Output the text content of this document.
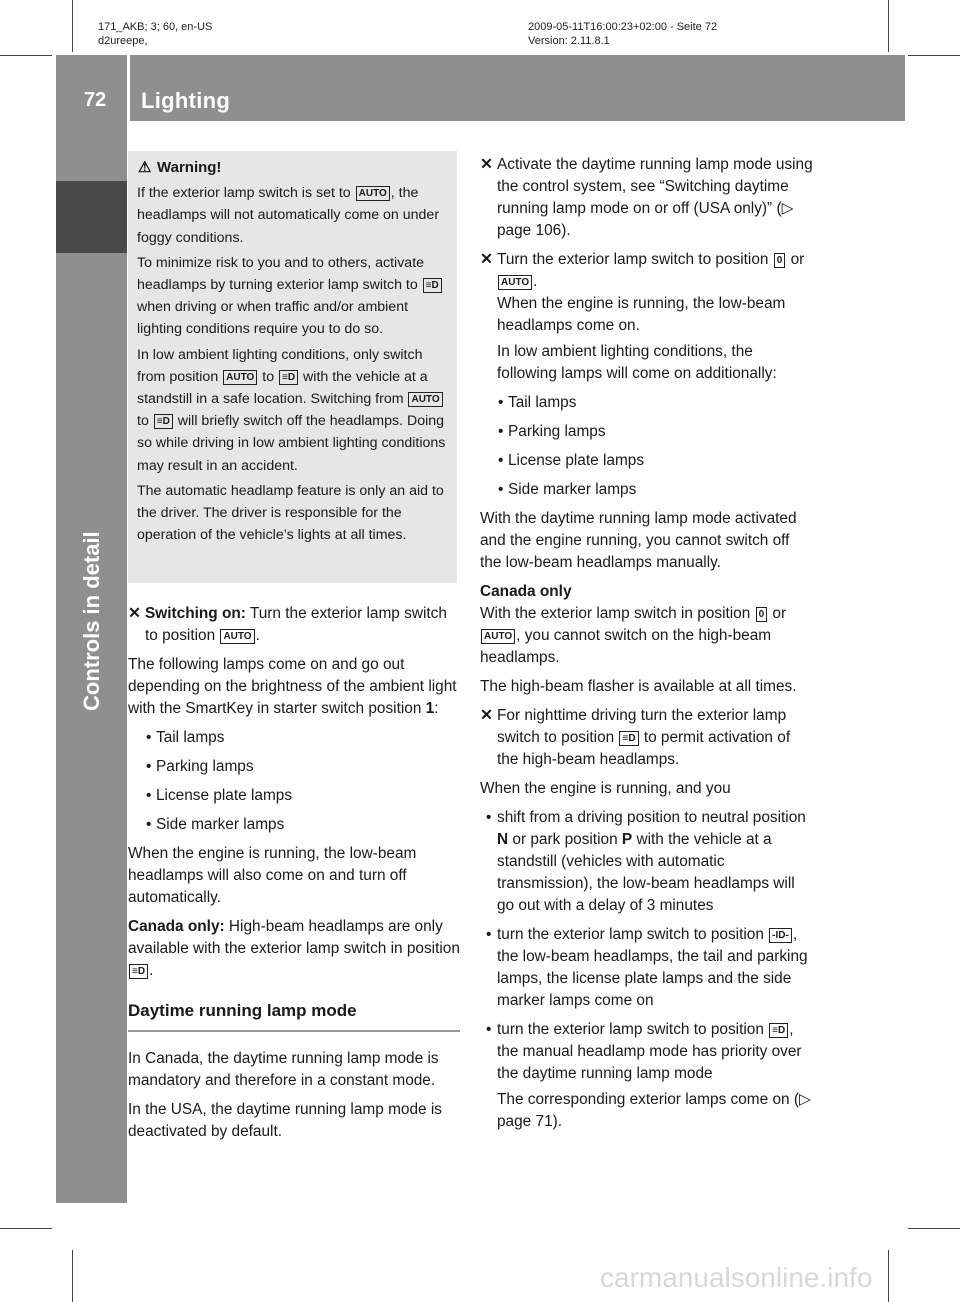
171_AKB; 3; 60, en-US
d2ureepe,
2009-05-11T16:00:23+02:00 - Seite 72
Version: 2.11.8.1
72 Lighting
Controls in detail

⚠ Warning!

If the exterior lamp switch is set to AUTO , the headlamps will not automatically come on under foggy conditions.

To minimize risk to you and to others, activate headlamps by turning exterior lamp switch to ≡D when driving or when traffic and/or ambient lighting conditions require you to do so.

In low ambient lighting conditions, only switch from position AUTO to ≡D with the vehicle at a standstill in a safe location. Switching from AUTO to ≡D will briefly switch off the headlamps. Doing so while driving in low ambient lighting conditions may result in an accident.

The automatic headlamp feature is only an aid to the driver. The driver is responsible for the operation of the vehicle’s lights at all times.

✕ Switching on: Turn the exterior lamp switch to position AUTO .

The following lamps come on and go out depending on the brightness of the ambient light with the SmartKey in starter switch position 1:

• Tail lamps
• Parking lamps
• License plate lamps
• Side marker lamps

When the engine is running, the low-beam headlamps will also come on and turn off automatically.

Canada only: High-beam headlamps are only available with the exterior lamp switch in position ≡D .

Daytime running lamp mode

In Canada, the daytime running lamp mode is mandatory and therefore in a constant mode.

In the USA, the daytime running lamp mode is deactivated by default.

✕ Activate the daytime running lamp mode using the control system, see “Switching daytime running lamp mode on or off (USA only)” (▷ page 106).
✕ Turn the exterior lamp switch to position 0 or AUTO .
When the engine is running, the low-beam headlamps come on.
In low ambient lighting conditions, the following lamps will come on additionally:
• Tail lamps
• Parking lamps
• License plate lamps
• Side marker lamps

With the daytime running lamp mode activated and the engine running, you cannot switch off the low-beam headlamps manually.

Canada only

With the exterior lamp switch in position 0 or AUTO , you cannot switch on the high-beam headlamps.

The high-beam flasher is available at all times.

✕ For nighttime driving turn the exterior lamp switch to position ≡D to permit activation of the high-beam headlamps.

When the engine is running, and you

• shift from a driving position to neutral position N or park position P with the vehicle at a standstill (vehicles with automatic transmission), the low-beam headlamps will go out with a delay of 3 minutes
• turn the exterior lamp switch to position -ID- , the low-beam headlamps, the tail and parking lamps, the license plate lamps and the side marker lamps come on
• turn the exterior lamp switch to position ≡D , the manual headlamp mode has priority over the daytime running lamp mode
The corresponding exterior lamps come on (▷ page 71).
carmanualsonline.info
